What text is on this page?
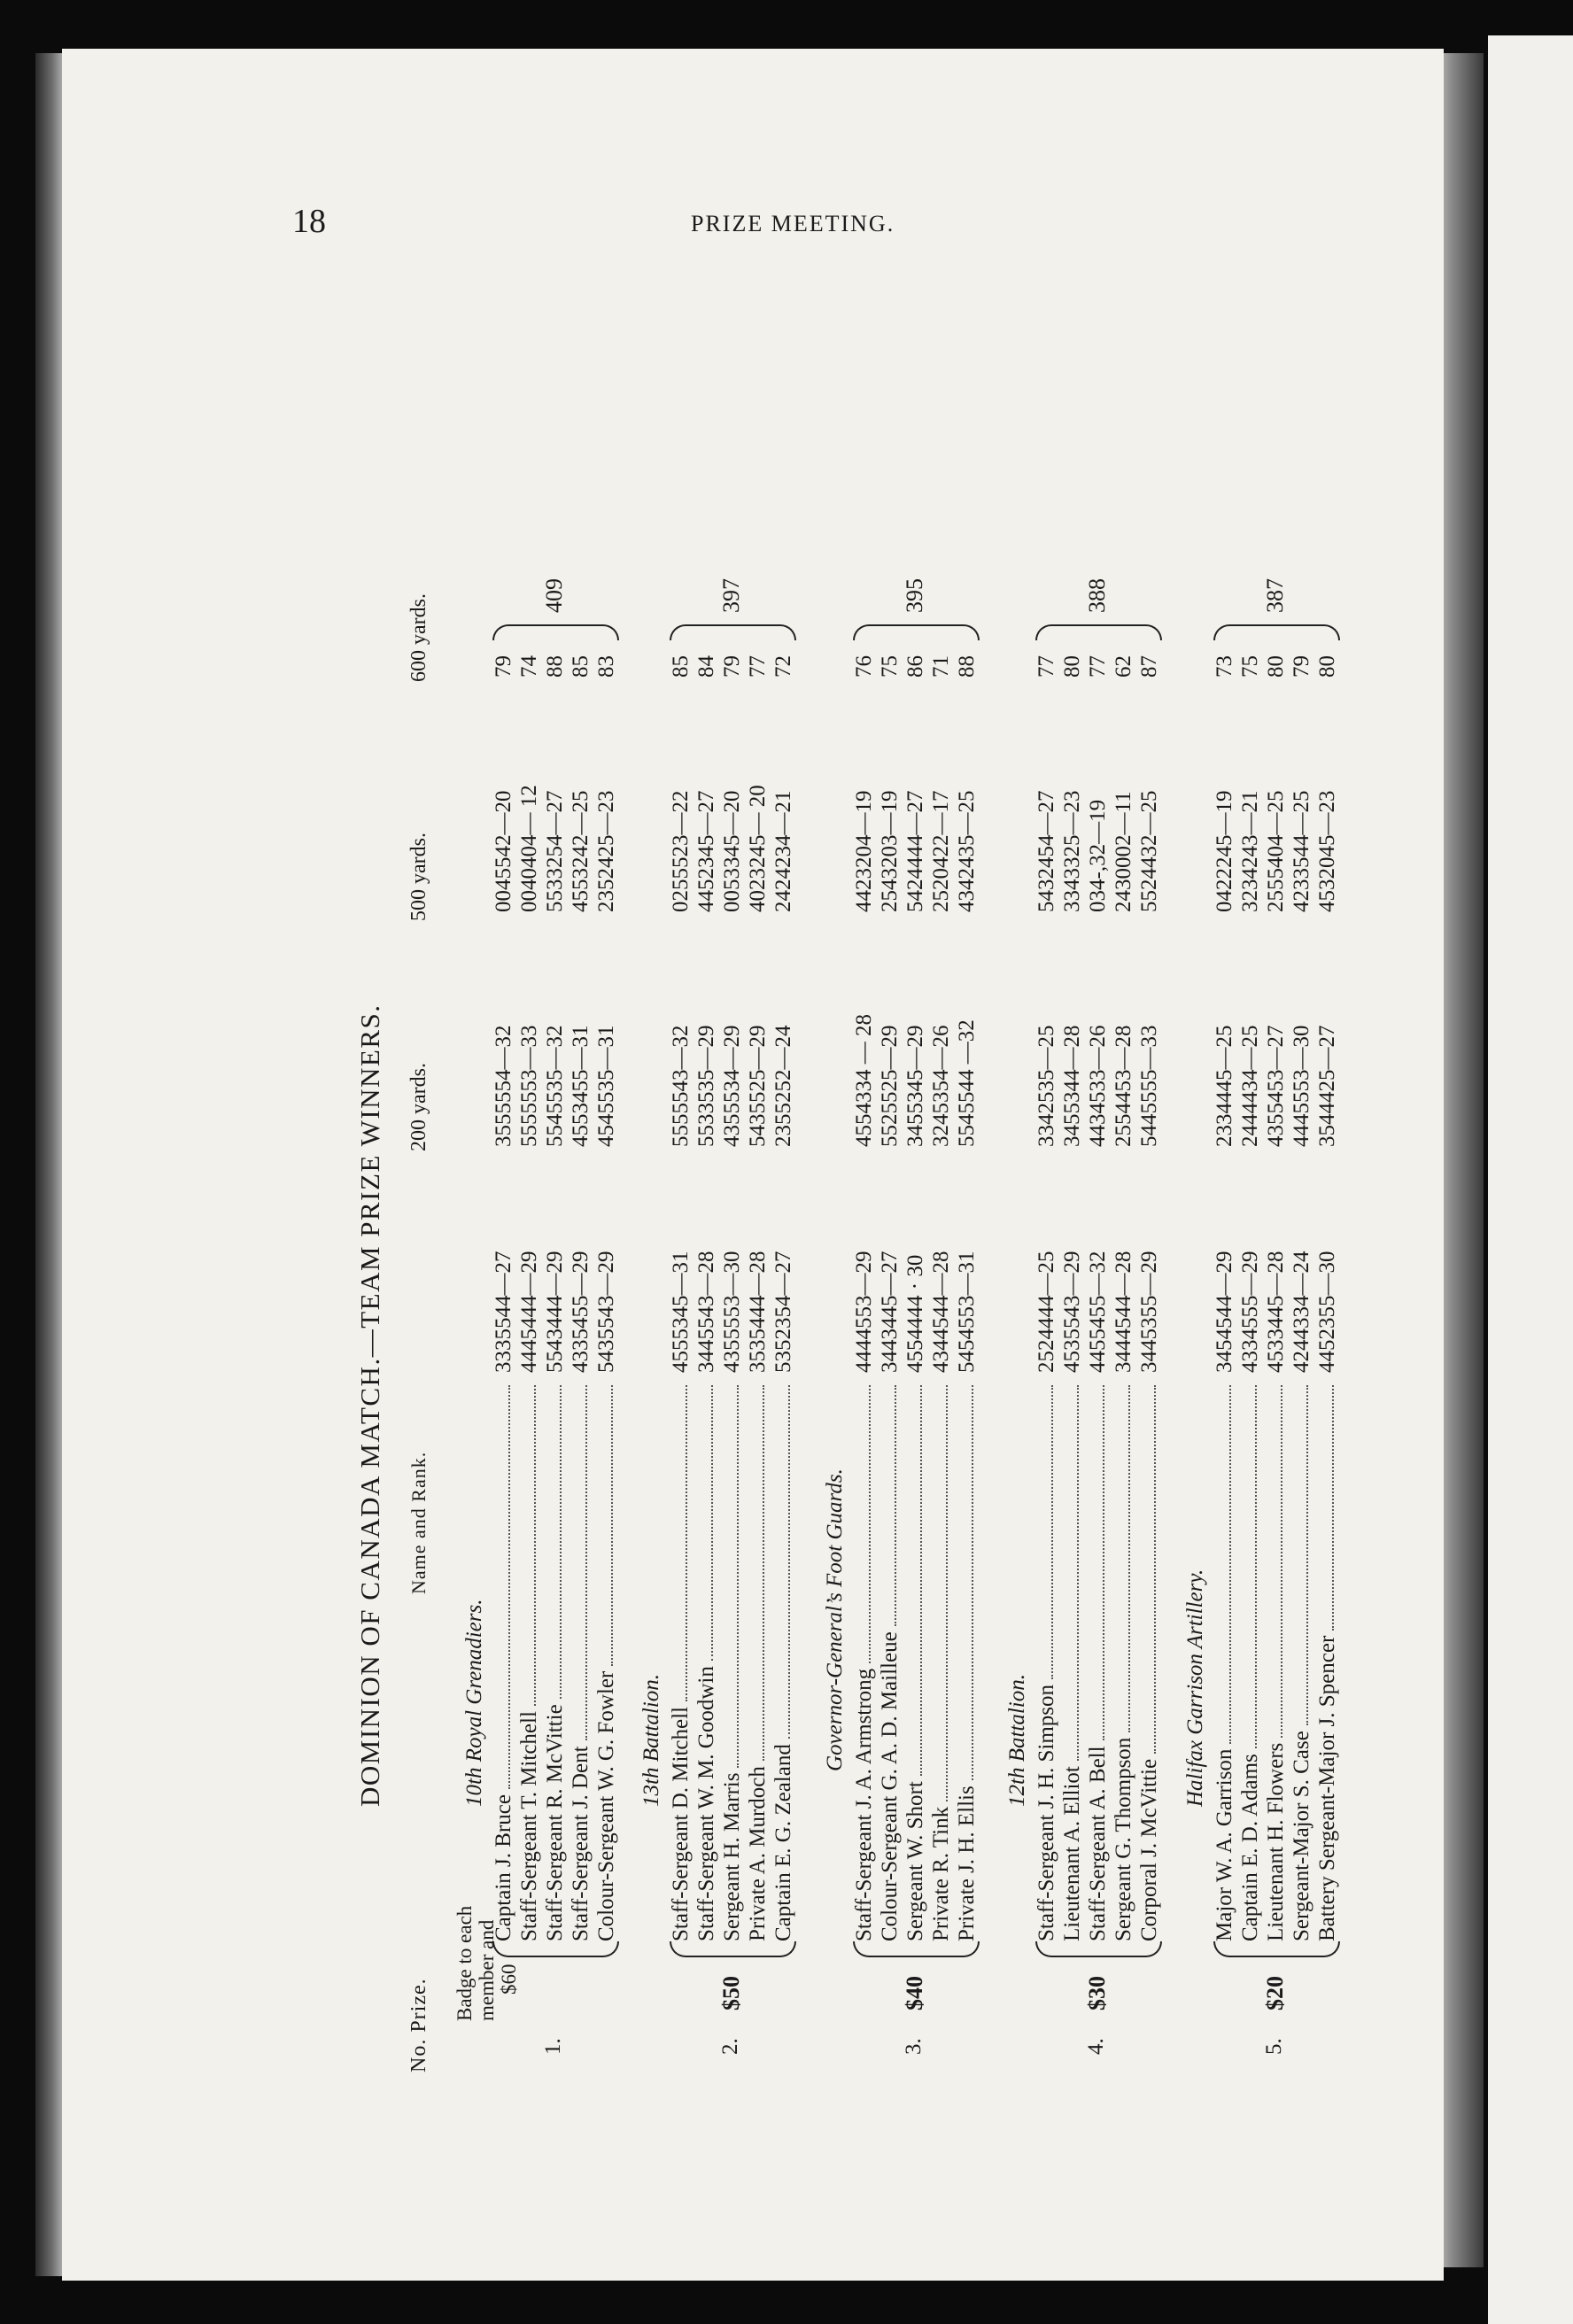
18	PRIZE MEETING.
DOMINION OF CANADA MATCH.—TEAM PRIZE WINNERS.
No. Prize.
Name and Rank.
200 yards.
500 yards.
600 yards.
10th Royal Grenadiers.
Captain J. Bruce
3335544—27
3555554—32
0045542—20
79
Staff-Sergeant T. Mitchell
4445444—29
5555553—33
0040404— 12
74
Staff-Sergeant R. McVittie
5543444—29
5545535—32
5533254—27
88
Staff-Sergeant J. Dent
4335455—29
4553455—31
4553242—25
85
Colour-Sergeant W. G. Fowler
5435543—29
4545535—31
2352425—23
83
409
1.
13th Battalion. Staff-Sergeant D. Mitchell
4555345—31
5555543—32
0255523—22
85
Staff-Sergeant W. M. Goodwin
3445543—28
5533535—29
4452345—27
84
Sergeant H. Marris
4355553—30
4355534—29
0053345—20
79
Private A. Murdoch
3535444—28
5435525—29
4023245— 20
77
Captain E. G. Zealand
5352354—27
2355252—24
2424234—21
72
397
2.
$50
Governor-General’s Foot Guards.
Staff-Sergeant J. A. Armstrong
4444553—29
4554334 — 28
4423204—19
76
Colour-Sergeant G. A. D. Mailleue
3443445—27
5525525—29
2543203—19
75
Sergeant W. Short
4554444 · 30
3455345—29
5424444—27
86
Private R. Tink
4344544—28
3245354—26
2520422—17
71
Private J. H. Ellis
5454553—31
5545544 —32
4342435—25
88
395
3.
$40
12th Battalion. Staff-Sergeant J. H. Simpson
2524444—25
3342535—25
5432454—27
77
Lieutenant A. Elliot
4535543—29
3455344—28
3343325—23
80
Staff-Sergeant A. Bell
4455455—32
4434533—26
034-,32—19
77
Sergeant G. Thompson
3444544—28
2554453—28
2430002—11
62
Corporal J. McVittie
3445355—29
5445555—33
5524432—25
87
388
4.
$30
Halifax Garrison Artillery.
Major W. A. Garrison
3454544—29
2334445—25
0422245—19
73
Captain E. D. Adams
4334555—29
2444434—25
3234243—21
75
Lieutenant H. Flowers
4533445—28
4355453—27
2555404—25
80
Sergeant-Major S. Case
4244334—24
4445553—30
4233544—25
79
Battery Sergeant-Major J. Spencer
4452355—30
3544425—27
4532045—23
80
387
5.
$20
Badge to each member and $60
